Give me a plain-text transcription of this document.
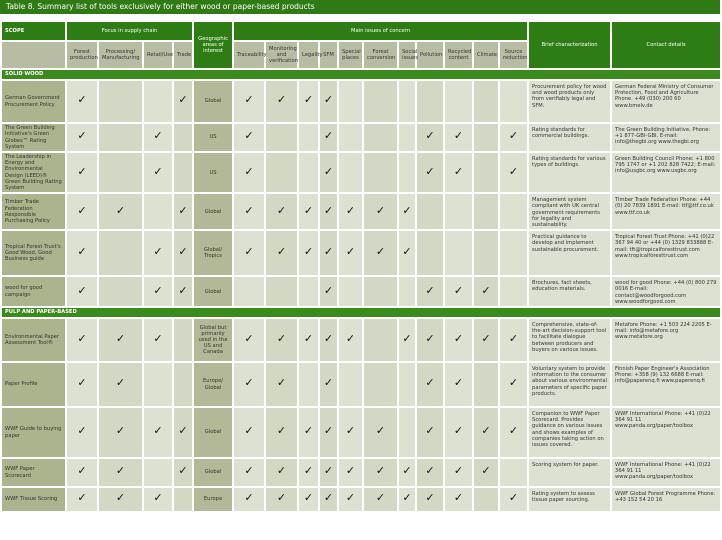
Table 8. Summary list of tools exclusively for either wood or paper-based products
SCOPE	Focus in supply chain				Geographic areas of interest	Main issues of concern											Brief characterization	Contact details
	Forest production	Processing/ Manufacturing	Retail/Use	Trade		Traceability	Monitoring and verification	Legality	SFM	Special places	Forest conversion	Social issues	Pollution	Recycled content	Climate	Source reduction		
SOLID WOOD																		
German Government Procurement Policy	✓			✓	Global	✓	✓	✓	✓								Procurement policy for wood and wood products only from verifiably legal and SFM.	German Federal Ministry of Consumer Protection, Food and Agriculture Phone. +49 (030) 200 60 www.bmelv.de
The Green Building Initiative's Green Globes™ Rating System	✓		✓		US	✓			✓				✓	✓		✓	Rating standards for commercial buildings.	The Green Building Initiative, Phone: +1 877-GBI-GBI, E-mail: info@thegbi.org www.thegbi.org
The Leadership in Energy and Environmental Design (LEED)® Green Building Rating System	✓		✓		US	✓			✓				✓	✓		✓	Rating standards for various types of buildings.	Green Building Council Phone: +1 800 795 1747 or +1 202 828 7422; E-mail: info@usgbc.org www.usgbc.org
Timber Trade Federation Responsible Purchasing Policy	✓	✓		✓	Global	✓	✓	✓	✓	✓	✓	✓					Management system compliant with UK central government requirements for legality and sustainability.	Timber Trade Federation Phone: +44 (0) 20 7839 1891 E-mail: ttf@ttf.co.uk www.ttf.co.uk
Tropical Forest Trust's Good Wood, Good Business guide	✓		✓	✓	Global/ Tropics	✓	✓	✓	✓	✓	✓	✓					Practical guidance to develop and implement sustainable procurement.	Tropical Forest Trust Phone: +41 (0)22 367 94 40 or +44 (0) 1329 833888 E-mail: tft@tropicalforesttrust.com www.tropicalforesttrust.com
wood for good campaign	✓		✓	✓	Global				✓				✓	✓	✓		Brochures, fact sheets, education materials.	wood for good Phone: +44 (0) 800 279 0016 E-mail: contact@woodforgood.com www.woodforgood.com
PULP AND PAPER-BASED																		
Environmental Paper Assessment Tool®	✓	✓	✓		Global but primarily used in the US and Canada	✓	✓	✓	✓	✓		✓	✓	✓	✓	✓	Comprehensive, state-of-the-art decision-support tool to facilitate dialogue between producers and buyers on various issues.	Metafore Phone: +1 503 224 2205 E-mail: info@metafore.org www.metafore.org
Paper Profile	✓	✓			Europe/ Global	✓	✓		✓				✓	✓		✓	Voluntary system to provide information to the consumer about various environmental parameters of specific paper products.	Finnish Paper Engineer's Association Phone: +358 (9) 132 6688 E-mail: info@paperenq.fi www.paperenq.fi
WWF Guide to buying paper	✓	✓	✓	✓	Global	✓	✓	✓	✓	✓	✓		✓	✓	✓	✓	Companion to WWF Paper Scorecard. Provides guidance on various issues and shows examples of companies taking action on issues covered.	WWF International Phone: +41 (0)22 364 91 11 www.panda.org/paper/toolbox
WWF Paper Scorecard	✓	✓		✓	Global	✓	✓	✓	✓	✓	✓	✓	✓	✓	✓		Scoring system for paper.	WWF International Phone: +41 (0)22 364 91 11 www.panda.org/paper/toolbox
WWF Tissue Scoring	✓	✓	✓		Europe	✓	✓	✓	✓	✓	✓	✓	✓	✓		✓	Rating system to assess tissue paper sourcing.	WWF Global Forest Programme Phone: +43 152 54 20 16
